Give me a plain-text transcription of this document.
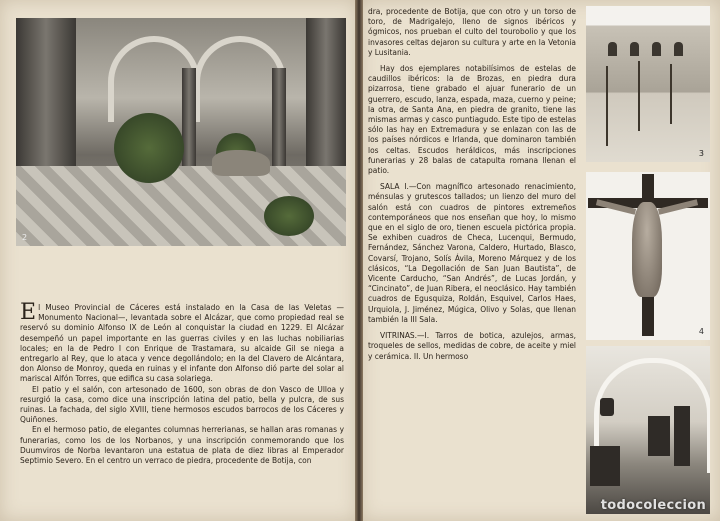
2
3
4
todocoleccion

El Museo Provincial de Cáceres está instalado en la Casa de las Veletas —Monumento Nacional—, levantada sobre el Alcázar, que como propiedad real se reservó su dominio Alfonso IX de León al conquistar la ciudad en 1229. El Alcázar desempeñó un papel importante en las guerras civiles y en las luchas nobiliarias locales; en la de Pedro I con Enrique de Trastamara, su alcaide Gil se niega a entregarlo al Rey, que lo ataca y vence degollándolo; en la del Clavero de Alcántara, don Alonso de Monroy, queda en ruinas y el infante don Alfonso dió parte del solar al mariscal Alfón Torres, que edifica su casa solariega.

El patio y el salón, con artesonado de 1600, son obras de don Vasco de Ulloa y resurgió la casa, como dice una inscripción latina del patio, bella y pulcra, de sus ruinas. La fachada, del siglo XVIII, tiene hermosos escudos barrocos de los Cáceres y Quiñones.

En el hermoso patio, de elegantes columnas herrerianas, se hallan aras romanas y funerarias, como los de los Norbanos, y una inscripción conmemorando que los Duumviros de Norba levantaron una estatua de plata de diez libras al Emperador Septimio Severo. En el centro un verraco de piedra, procedente de Botija, con

dra, procedente de Botija, que con otro y un torso de toro, de Madrigalejo, lleno de signos ibéricos y ógmicos, nos prueban el culto del tourobolio y que los invasores celtas dejaron su cultura y arte en la Vetonia y Lusitania.

Hay dos ejemplares notabilísimos de estelas de caudillos ibéricos: la de Brozas, en piedra dura pizarrosa, tiene grabado el ajuar funerario de un guerrero, escudo, lanza, espada, maza, cuerno y peine; la otra, de Santa Ana, en piedra de granito, tiene las mismas armas y casco puntiagudo. Este tipo de estelas sólo las hay en Extremadura y se enlazan con las de los países nórdicos e Irlanda, que dominaron también los celtas. Escudos heráldicos, más inscripciones funerarias y 28 balas de catapulta romana llenan el patio.

SALA I.—Con magnífico artesonado renacimiento, ménsulas y grutescos tallados; un lienzo del muro del salón está con cuadros de pintores extremeños contemporáneos que nos enseñan que hoy, lo mismo que en el siglo de oro, tienen escuela pictórica propia. Se exhiben cuadros de Checa, Lucenqui, Bermudo, Fernández, Sánchez Varona, Caldero, Hurtado, Blasco, Covarsí, Trojano, Solís Ávila, Moreno Márquez y de los clásicos, “La Degollación de San Juan Bautista”, de Vicente Carducho, “San Andrés”, de Lucas Jordán, y “Cincinato”, de Juan Ribera, el neoclásico. Hay también cuadros de Egusquiza, Roldán, Esquivel, Carlos Haes, Urquiola, J. Jiménez, Múgica, Olivo y Solas, que llenan también la III Sala.

VITRINAS.—I. Tarros de botica, azulejos, armas, troqueles de sellos, medidas de cobre, de aceite y miel y cerámica. II. Un hermoso
